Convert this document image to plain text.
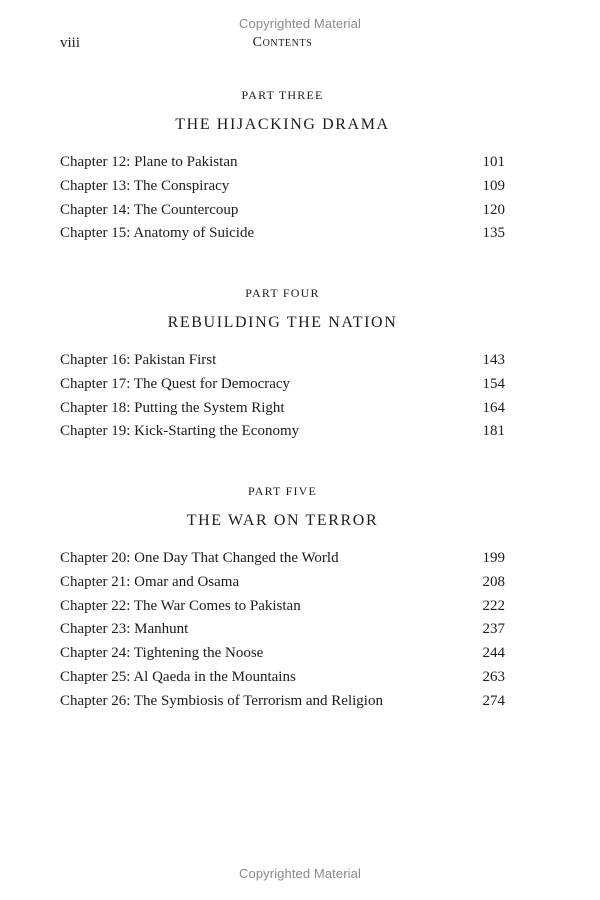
Copyrighted Material
viii	Contents
PART THREE
THE HIJACKING DRAMA
Chapter 12: Plane to Pakistan	101
Chapter 13: The Conspiracy	109
Chapter 14: The Countercoup	120
Chapter 15: Anatomy of Suicide	135
PART FOUR
REBUILDING THE NATION
Chapter 16: Pakistan First	143
Chapter 17: The Quest for Democracy	154
Chapter 18: Putting the System Right	164
Chapter 19: Kick-Starting the Economy	181
PART FIVE
THE WAR ON TERROR
Chapter 20: One Day That Changed the World	199
Chapter 21: Omar and Osama	208
Chapter 22: The War Comes to Pakistan	222
Chapter 23: Manhunt	237
Chapter 24: Tightening the Noose	244
Chapter 25: Al Qaeda in the Mountains	263
Chapter 26: The Symbiosis of Terrorism and Religion	274
Copyrighted Material
